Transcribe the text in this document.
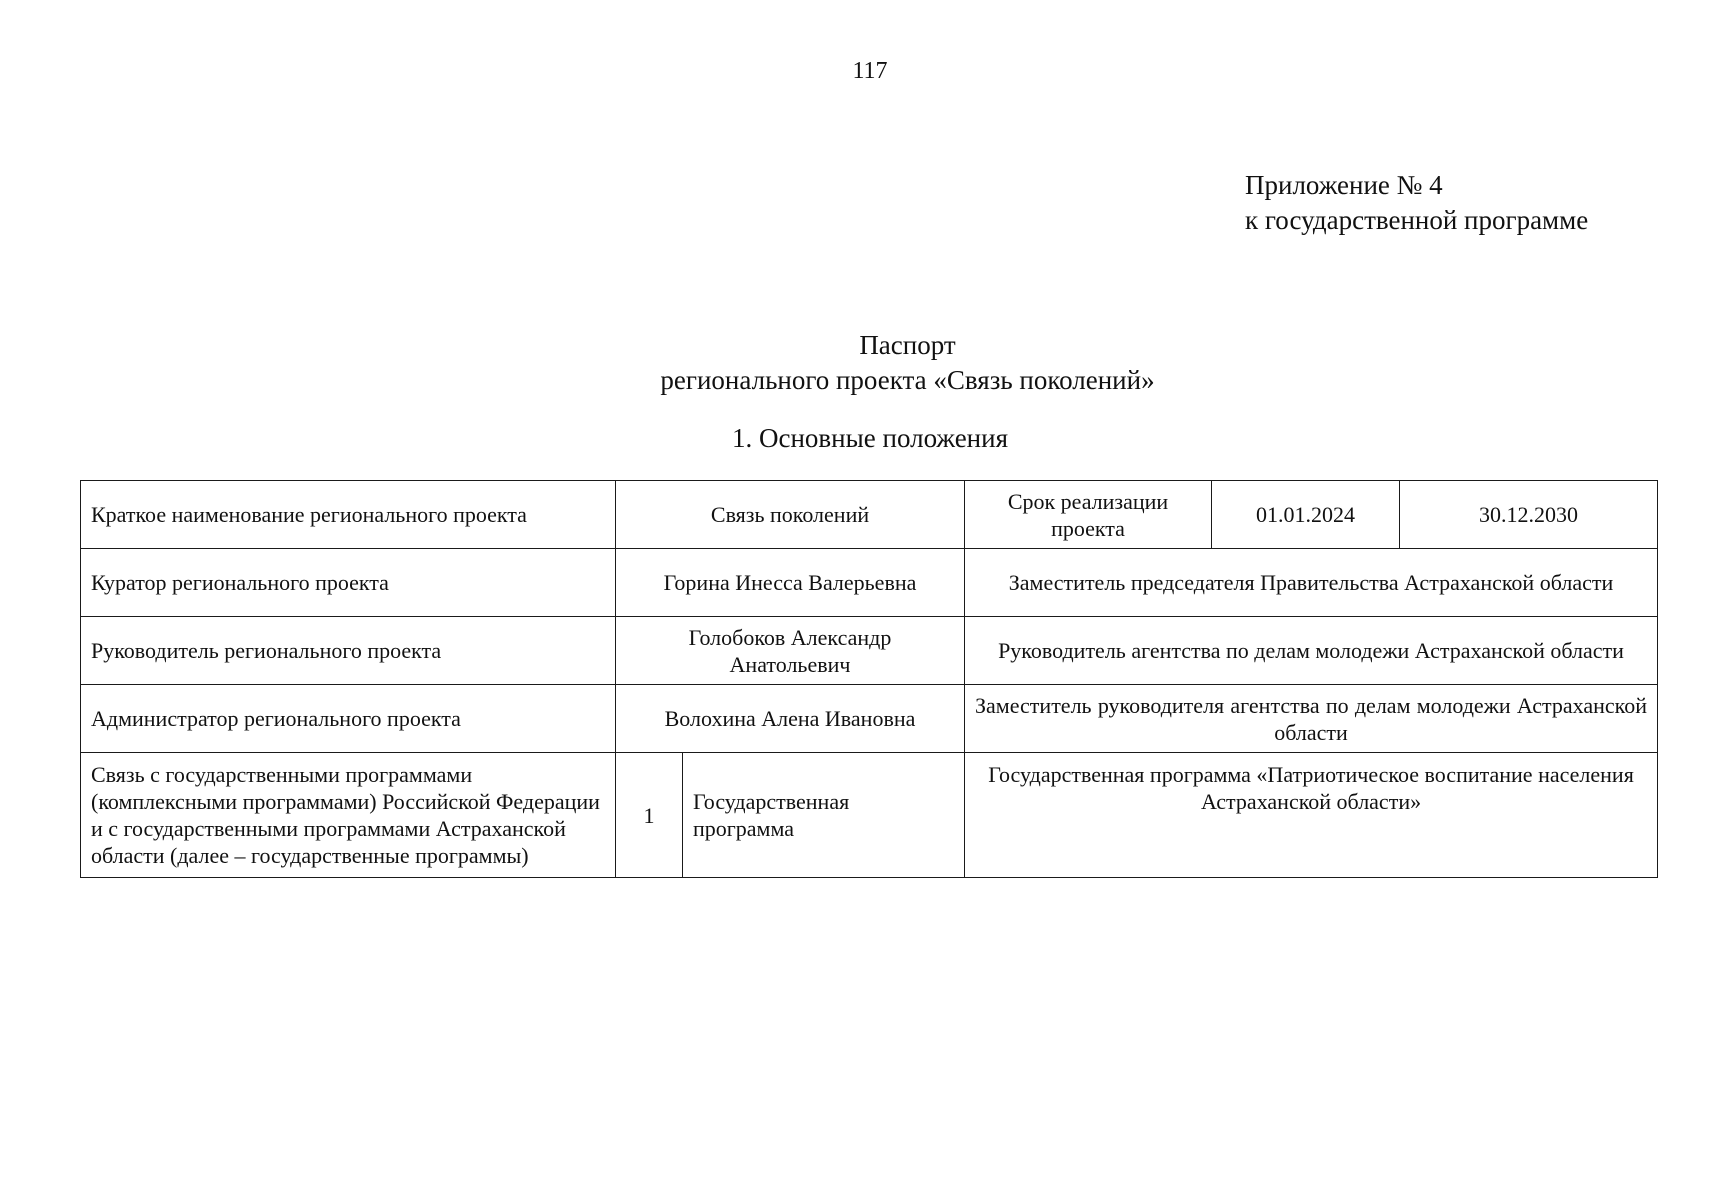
117
Приложение № 4
к государственной программе
Паспорт
регионального проекта «Связь поколений»
1. Основные положения
Краткое наименование регионального проекта	Связь поколений		Срок реализации проекта	01.01.2024	30.12.2030
Куратор регионального проекта	Горина Инесса Валерьевна		Заместитель председателя Правительства Астраханской области		
Руководитель регионального проекта	Голобоков Александр Анатольевич		Руководитель агентства по делам молодежи Астраханской области		
Администратор регионального проекта	Волохина Алена Ивановна		Заместитель руководителя агентства по делам молодежи Астраханской области		
Связь с государственными программами (комплексными программами) Российской Федерации и с государственными программами Астраханской области (далее – государственные программы)	1	Государственная программа	Государственная программа «Патриотическое воспитание населения Астраханской области»		
